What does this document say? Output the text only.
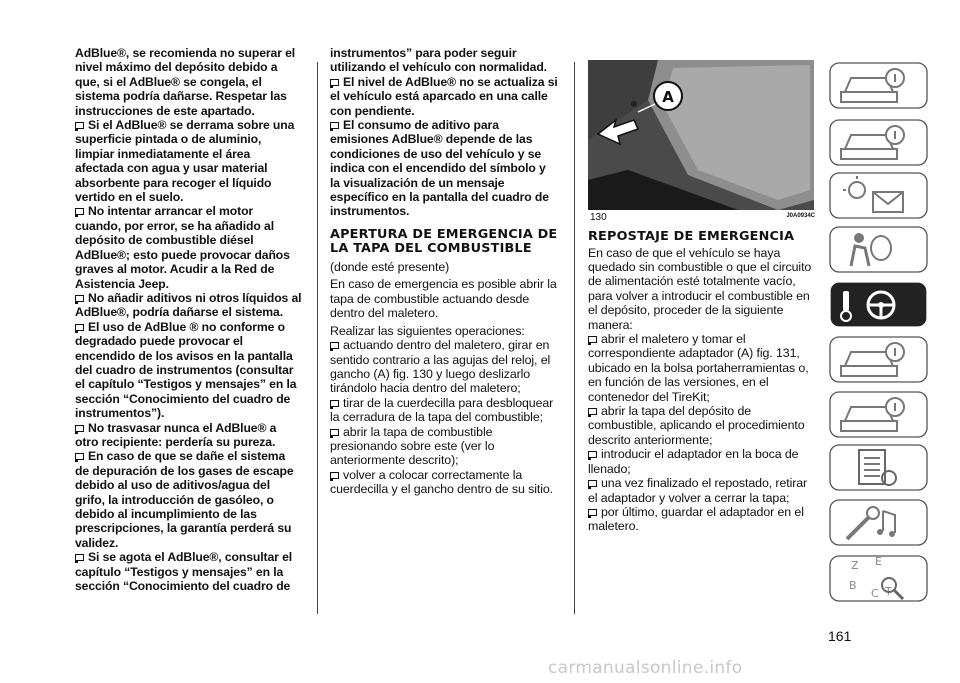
AdBlue®, se recomienda no superar el nivel máximo del depósito debido a que, si el AdBlue® se congela, el sistema podría dañarse. Respetar las instrucciones de este apartado.

Si el AdBlue® se derrama sobre una superficie pintada o de aluminio, limpiar inmediatamente el área afectada con agua y usar material absorbente para recoger el líquido vertido en el suelo.

No intentar arrancar el motor cuando, por error, se ha añadido al depósito de combustible diésel AdBlue®; esto puede provocar daños graves al motor. Acudir a la Red de Asistencia Jeep.

No añadir aditivos ni otros líquidos al AdBlue®, podría dañarse el sistema.

El uso de AdBlue ® no conforme o degradado puede provocar el encendido de los avisos en la pantalla del cuadro de instrumentos (consultar el capítulo “Testigos y mensajes” en la sección “Conocimiento del cuadro de instrumentos”).

No trasvasar nunca el AdBlue® a otro recipiente: perdería su pureza.

En caso de que se dañe el sistema de depuración de los gases de escape debido al uso de aditivos/agua del grifo, la introducción de gasóleo, o debido al incumplimiento de las prescripciones, la garantía perderá su validez.

Si se agota el AdBlue®, consultar el capítulo “Testigos y mensajes” en la sección “Conocimiento del cuadro de

instrumentos” para poder seguir utilizando el vehículo con normalidad.

El nivel de AdBlue® no se actualiza si el vehículo está aparcado en una calle con pendiente.

El consumo de aditivo para emisiones AdBlue® depende de las condiciones de uso del vehículo y se indica con el encendido del símbolo y la visualización de un mensaje específico en la pantalla del cuadro de instrumentos.

APERTURA DE EMERGENCIA DE LA TAPA DEL COMBUSTIBLE

(donde esté presente)

En caso de emergencia es posible abrir la tapa de combustible actuando desde dentro del maletero.

Realizar las siguientes operaciones:

actuando dentro del maletero, girar en sentido contrario a las agujas del reloj, el gancho (A) fig. 130 y luego deslizarlo tirándolo hacia dentro del maletero;

tirar de la cuerdecilla para desbloquear la cerradura de la tapa del combustible;

abrir la tapa de combustible presionando sobre este (ver lo anteriormente descrito);

volver a colocar correctamente la cuerdecilla y el gancho dentro de su sitio.

A
130	J0A0934C
REPOSTAJE DE EMERGENCIA

En caso de que el vehículo se haya quedado sin combustible o que el circuito de alimentación esté totalmente vacío, para volver a introducir el combustible en el depósito, proceder de la siguiente manera:

abrir el maletero y tomar el correspondiente adaptador (A) fig. 131, ubicado en la bolsa portaherramientas o, en función de las versiones, en el contenedor del TireKit;

abrir la tapa del depósito de combustible, aplicando el procedimiento descrito anteriormente;

introducir el adaptador en la boca de llenado;

una vez finalizado el repostado, retirar el adaptador y volver a cerrar la tapa;

por último, guardar el adaptador en el maletero.

Z E
B
C T
161
carmanualsonline.info
